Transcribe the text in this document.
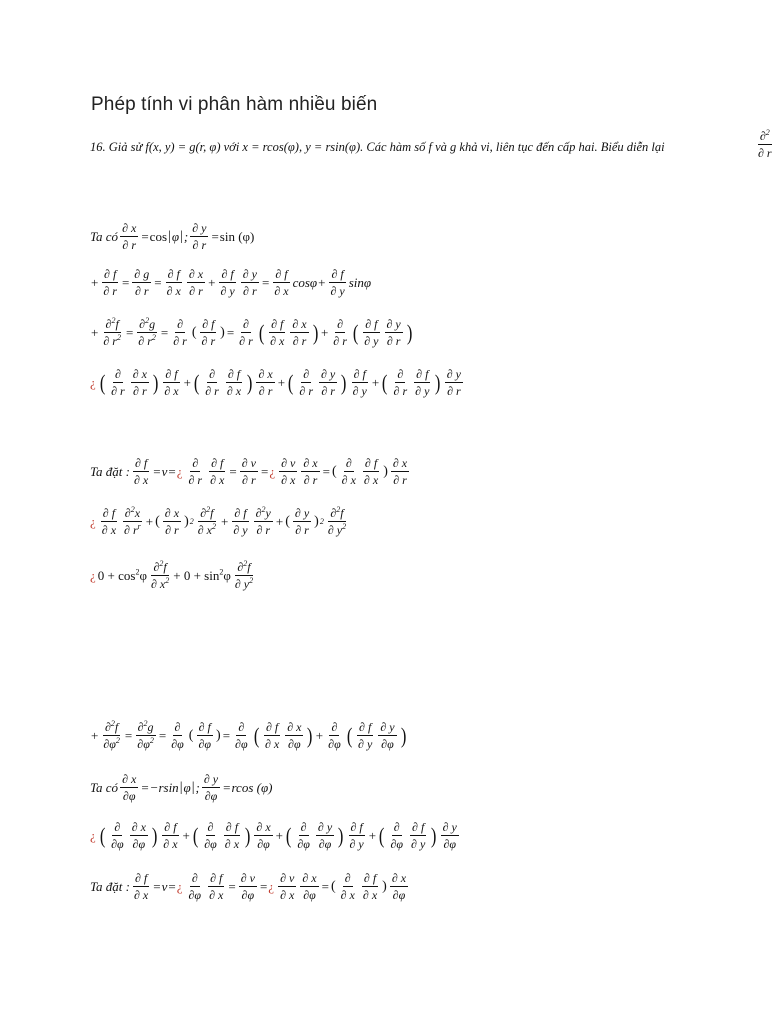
Phép tính vi phân hàm nhiều biến
16. Giả sử f(x, y) = g(r, φ) với x = rcos(φ), y = rsin(φ). Các hàm số f và g khả vi, liên tục đến cấp hai. Biểu diễn lại	$\frac{\partial^2}{\partial r}$
Ta có $\frac{\partial x}{\partial r} = \cos$ | φ | ; $\frac{\partial y}{\partial r} = \sin (\varphi)$
+ $\frac{\partial f}{\partial r} = \frac{\partial g}{\partial r} = \frac{\partial f}{\partial x} \frac{\partial x}{\partial r} + \frac{\partial f}{\partial y} \frac{\partial y}{\partial r} = \frac{\partial f}{\partial x}$ $\cos\varphi + \frac{\partial f}{\partial y}$ sinφ
+ $\frac{\partial^2f}{\partial r^2} = \frac{\partial^2g}{\partial r^2} = \frac{\partial}{\partial r}$ ( $\frac{\partial f}{\partial r}$ ) = $\frac{\partial}{\partial r}$ ( $\frac{\partial f}{\partial x} \frac{\partial x}{\partial r}$ ) + $\frac{\partial}{\partial r}$ ( $\frac{\partial f}{\partial y} \frac{\partial y}{\partial r}$ )
¿ ( $\frac{\partial}{\partial r} \frac{\partial x}{\partial r}$ ) $\frac{\partial f}{\partial x}$ + ( $\frac{\partial}{\partial r} \frac{\partial f}{\partial x}$ ) $\frac{\partial x}{\partial r}$ + ( $\frac{\partial}{\partial r} \frac{\partial y}{\partial r}$ ) $\frac{\partial f}{\partial y}$ + ( $\frac{\partial}{\partial r} \frac{\partial f}{\partial y}$ ) $\frac{\partial y}{\partial r}$
Ta đặt : $\frac{\partial f}{\partial x} = v$ = ¿ $\frac{\partial}{\partial r} \frac{\partial f}{\partial x} = \frac{\partial v}{\partial r}$ = ¿ $\frac{\partial v}{\partial x} \frac{\partial x}{\partial r}$ = ( $\frac{\partial}{\partial x} \frac{\partial f}{\partial x}$ ) $\frac{\partial x}{\partial r}$
¿ $\frac{\partial f}{\partial x} \frac{\partial^2x}{\partial r^r}$ + ( $\frac{\partial x}{\partial r}$ ) $2 \frac{\partial^2f}{\partial x^2} + \frac{\partial f}{\partial y} \frac{\partial^2y}{\partial r}$ + ( $\frac{\partial y}{\partial r}$ ) $2 \frac{\partial^2f}{\partial y^2}$
¿ $0 + \cos^2\varphi \frac{\partial^2f}{\partial x^2} + 0 + \sin^2\varphi \frac{\partial^2f}{\partial y^2}$
+ $\frac{\partial^2f}{\partial\varphi^2} = \frac{\partial^2g}{\partial\varphi^2} = \frac{\partial}{\partial\varphi}$ ( $\frac{\partial f}{\partial\varphi}$ ) = $\frac{\partial}{\partial\varphi}$ ( $\frac{\partial f}{\partial x} \frac{\partial x}{\partial\varphi}$ ) + $\frac{\partial}{\partial\varphi}$ ( $\frac{\partial f}{\partial y} \frac{\partial y}{\partial\varphi}$ )
Ta có $\frac{\partial x}{\partial\varphi} = -rsin$ | φ | ; $\frac{\partial y}{\partial\varphi} = rcos$ (φ)
¿ ( $\frac{\partial}{\partial\varphi} \frac{\partial x}{\partial\varphi}$ ) $\frac{\partial f}{\partial x}$ + ( $\frac{\partial}{\partial\varphi} \frac{\partial f}{\partial x}$ ) $\frac{\partial x}{\partial\varphi}$ + ( $\frac{\partial}{\partial\varphi} \frac{\partial y}{\partial\varphi}$ ) $\frac{\partial f}{\partial y}$ + ( $\frac{\partial}{\partial\varphi} \frac{\partial f}{\partial y}$ ) $\frac{\partial y}{\partial\varphi}$
Ta đặt : $\frac{\partial f}{\partial x} = v$ = ¿ $\frac{\partial}{\partial\varphi} \frac{\partial f}{\partial x} = \frac{\partial v}{\partial\varphi}$ = ¿ $\frac{\partial v}{\partial x} \frac{\partial x}{\partial\varphi}$ = ( $\frac{\partial}{\partial x} \frac{\partial f}{\partial x}$ ) $\frac{\partial x}{\partial\varphi}$
